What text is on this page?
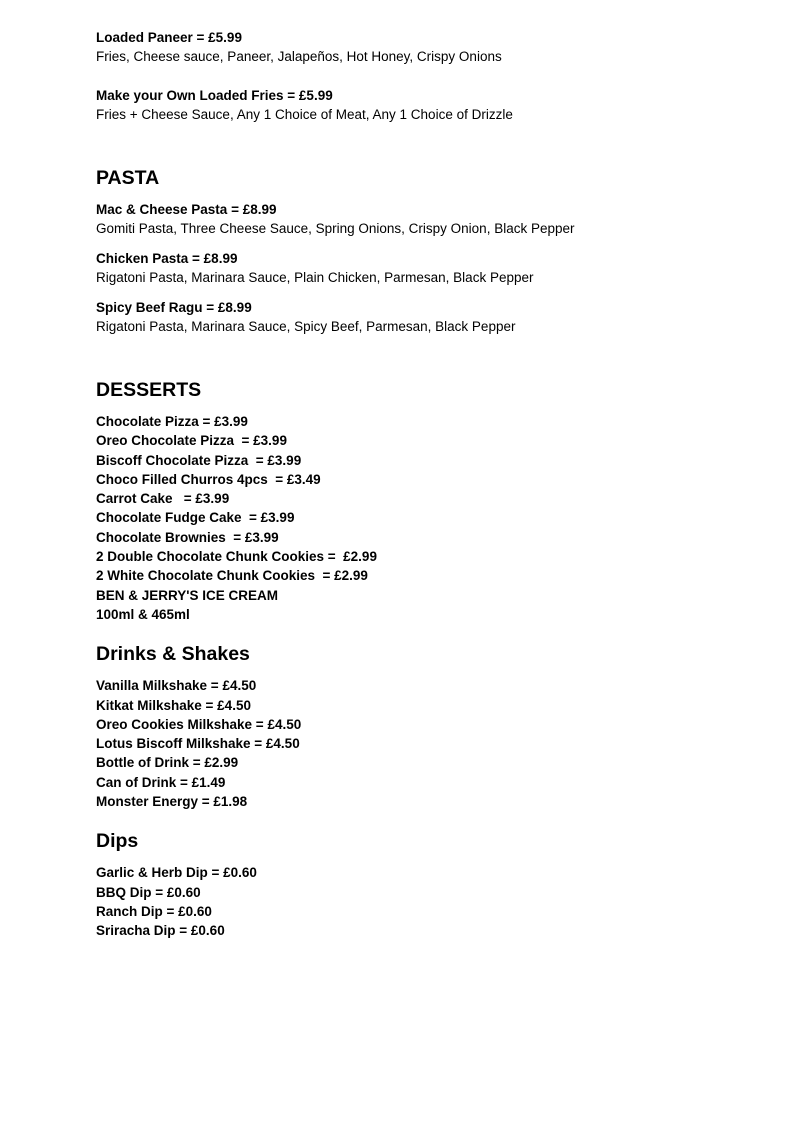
Loaded Paneer = £5.99
Fries, Cheese sauce, Paneer, Jalapeños, Hot Honey, Crispy Onions
Make your Own Loaded Fries = £5.99
Fries + Cheese Sauce, Any 1 Choice of Meat, Any 1 Choice of Drizzle
PASTA
Mac & Cheese Pasta = £8.99
Gomiti Pasta, Three Cheese Sauce, Spring Onions, Crispy Onion, Black Pepper
Chicken Pasta = £8.99
Rigatoni Pasta, Marinara Sauce, Plain Chicken, Parmesan, Black Pepper
Spicy Beef Ragu = £8.99
Rigatoni Pasta, Marinara Sauce, Spicy Beef, Parmesan, Black Pepper
DESSERTS
Chocolate Pizza = £3.99
Oreo Chocolate Pizza  = £3.99
Biscoff Chocolate Pizza  = £3.99
Choco Filled Churros 4pcs  = £3.49
Carrot Cake   = £3.99
Chocolate Fudge Cake  = £3.99
Chocolate Brownies  = £3.99
2 Double Chocolate Chunk Cookies =  £2.99
2 White Chocolate Chunk Cookies  = £2.99
BEN & JERRY'S ICE CREAM
100ml & 465ml
Drinks & Shakes
Vanilla Milkshake = £4.50
Kitkat Milkshake = £4.50
Oreo Cookies Milkshake = £4.50
Lotus Biscoff Milkshake = £4.50
Bottle of Drink = £2.99
Can of Drink = £1.49
Monster Energy = £1.98
Dips
Garlic & Herb Dip = £0.60
BBQ Dip = £0.60
Ranch Dip = £0.60
Sriracha Dip = £0.60
